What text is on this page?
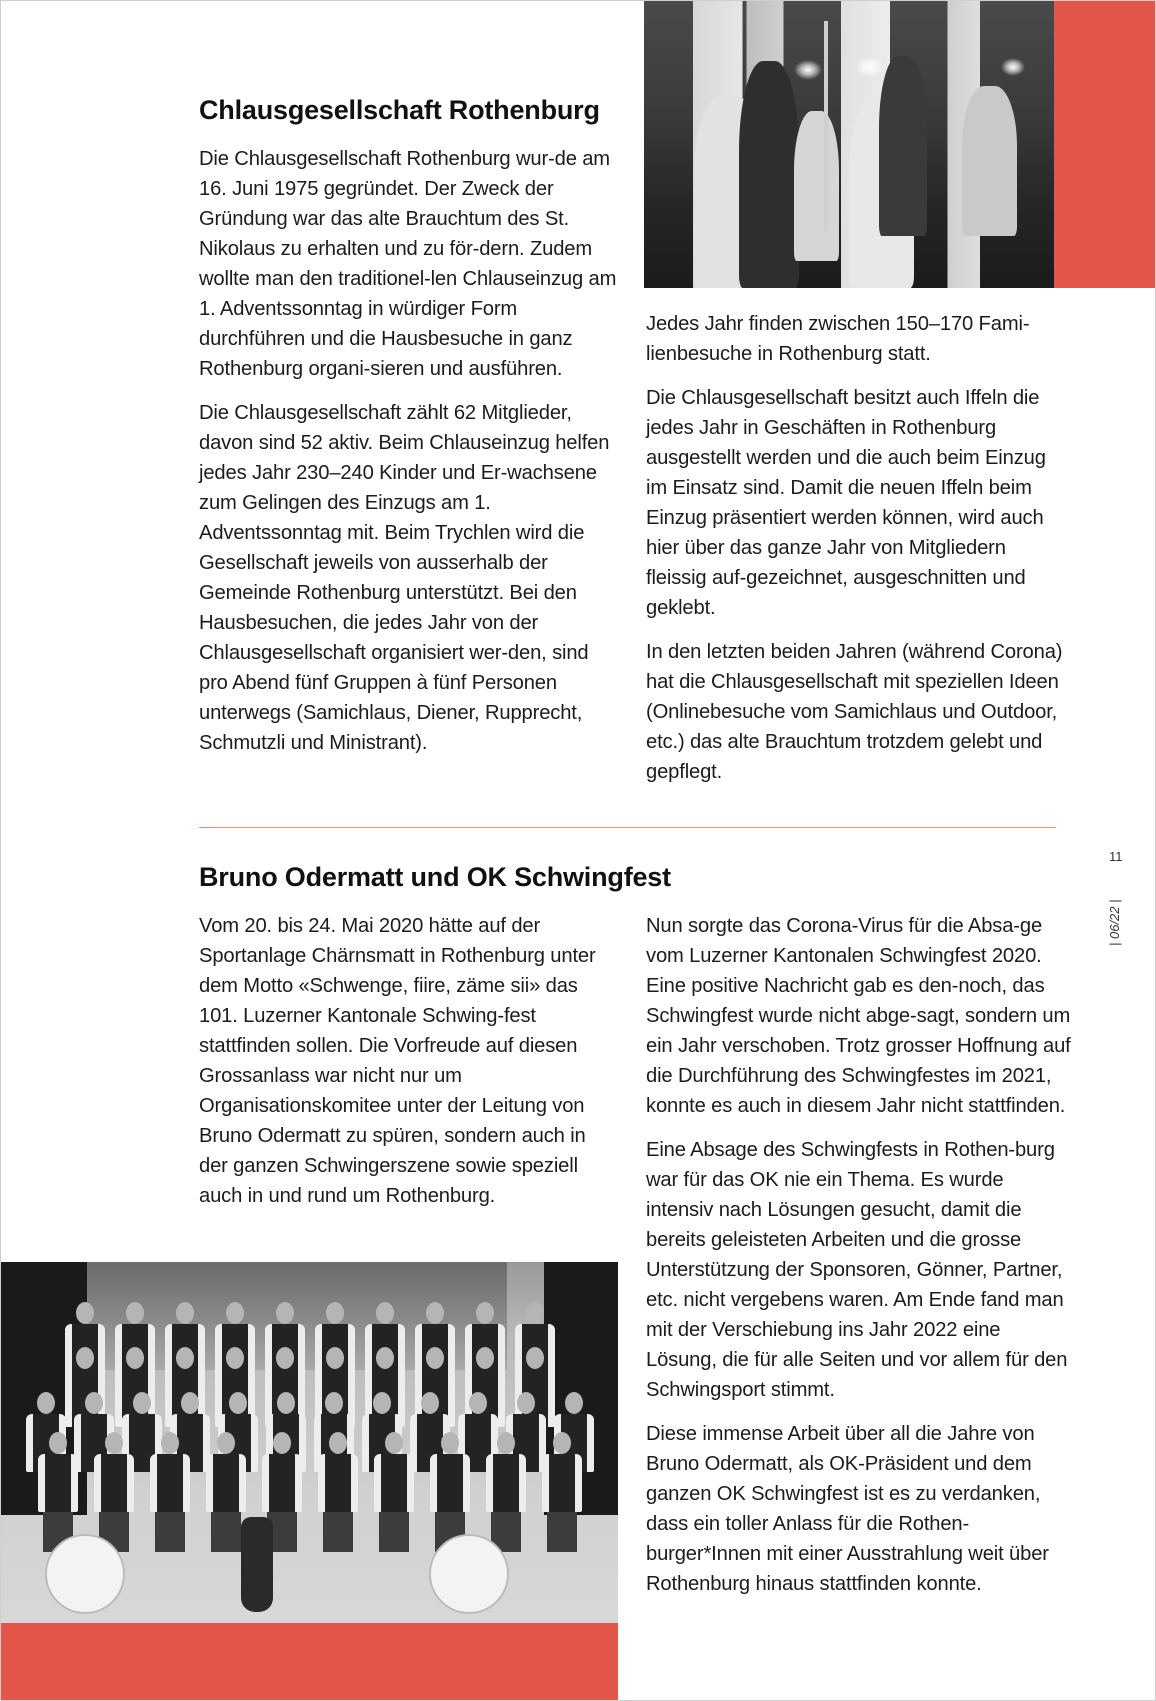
Chlausgesellschaft Rothenburg

Die Chlausgesellschaft Rothenburg wur-de am 16. Juni 1975 gegründet. Der Zweck der Gründung war das alte Brauchtum des St. Nikolaus zu erhalten und zu för-dern. Zudem wollte man den traditionel-len Chlauseinzug am 1. Adventssonntag in würdiger Form durchführen und die Hausbesuche in ganz Rothenburg organi-sieren und ausführen.

Die Chlausgesellschaft zählt 62 Mitglieder, davon sind 52 aktiv. Beim Chlauseinzug helfen jedes Jahr 230–240 Kinder und Er-wachsene zum Gelingen des Einzugs am 1. Adventssonntag mit. Beim Trychlen wird die Gesellschaft jeweils von ausserhalb der Gemeinde Rothenburg unterstützt. Bei den Hausbesuchen, die jedes Jahr von der Chlausgesellschaft organisiert wer-den, sind pro Abend fünf Gruppen à fünf Personen unterwegs (Samichlaus, Diener, Rupprecht, Schmutzli und Ministrant).

Jedes Jahr finden zwischen 150–170 Fami-lienbesuche in Rothenburg statt.

Die Chlausgesellschaft besitzt auch Iffeln die jedes Jahr in Geschäften in Rothenburg ausgestellt werden und die auch beim Einzug im Einsatz sind. Damit die neuen Iffeln beim Einzug präsentiert werden können, wird auch hier über das ganze Jahr von Mitgliedern fleissig auf-gezeichnet, ausgeschnitten und geklebt.

In den letzten beiden Jahren (während Corona) hat die Chlausgesellschaft mit speziellen Ideen (Onlinebesuche vom Samichlaus und Outdoor, etc.) das alte Brauchtum trotzdem gelebt und gepflegt.

11
| 06/22 |
Bruno Odermatt und OK Schwingfest

Vom 20. bis 24. Mai 2020 hätte auf der Sportanlage Chärnsmatt in Rothenburg unter dem Motto «Schwenge, fiire, zäme sii» das 101. Luzerner Kantonale Schwing-fest stattfinden sollen. Die Vorfreude auf diesen Grossanlass war nicht nur um Organisationskomitee unter der Leitung von Bruno Odermatt zu spüren, sondern auch in der ganzen Schwingerszene sowie speziell auch in und rund um Rothenburg.

Nun sorgte das Corona-Virus für die Absa-ge vom Luzerner Kantonalen Schwingfest 2020. Eine positive Nachricht gab es den-noch, das Schwingfest wurde nicht abge-sagt, sondern um ein Jahr verschoben. Trotz grosser Hoffnung auf die Durchführung des Schwingfestes im 2021, konnte es auch in diesem Jahr nicht stattfinden.

Eine Absage des Schwingfests in Rothen-burg war für das OK nie ein Thema. Es wurde intensiv nach Lösungen gesucht, damit die bereits geleisteten Arbeiten und die grosse Unterstützung der Sponsoren, Gönner, Partner, etc. nicht vergebens waren. Am Ende fand man mit der Verschiebung ins Jahr 2022 eine Lösung, die für alle Seiten und vor allem für den Schwingsport stimmt.

Diese immense Arbeit über all die Jahre von Bruno Odermatt, als OK-Präsident und dem ganzen OK Schwingfest ist es zu verdanken, dass ein toller Anlass für die Rothen-burger*Innen mit einer Ausstrahlung weit über Rothenburg hinaus stattfinden konnte.
